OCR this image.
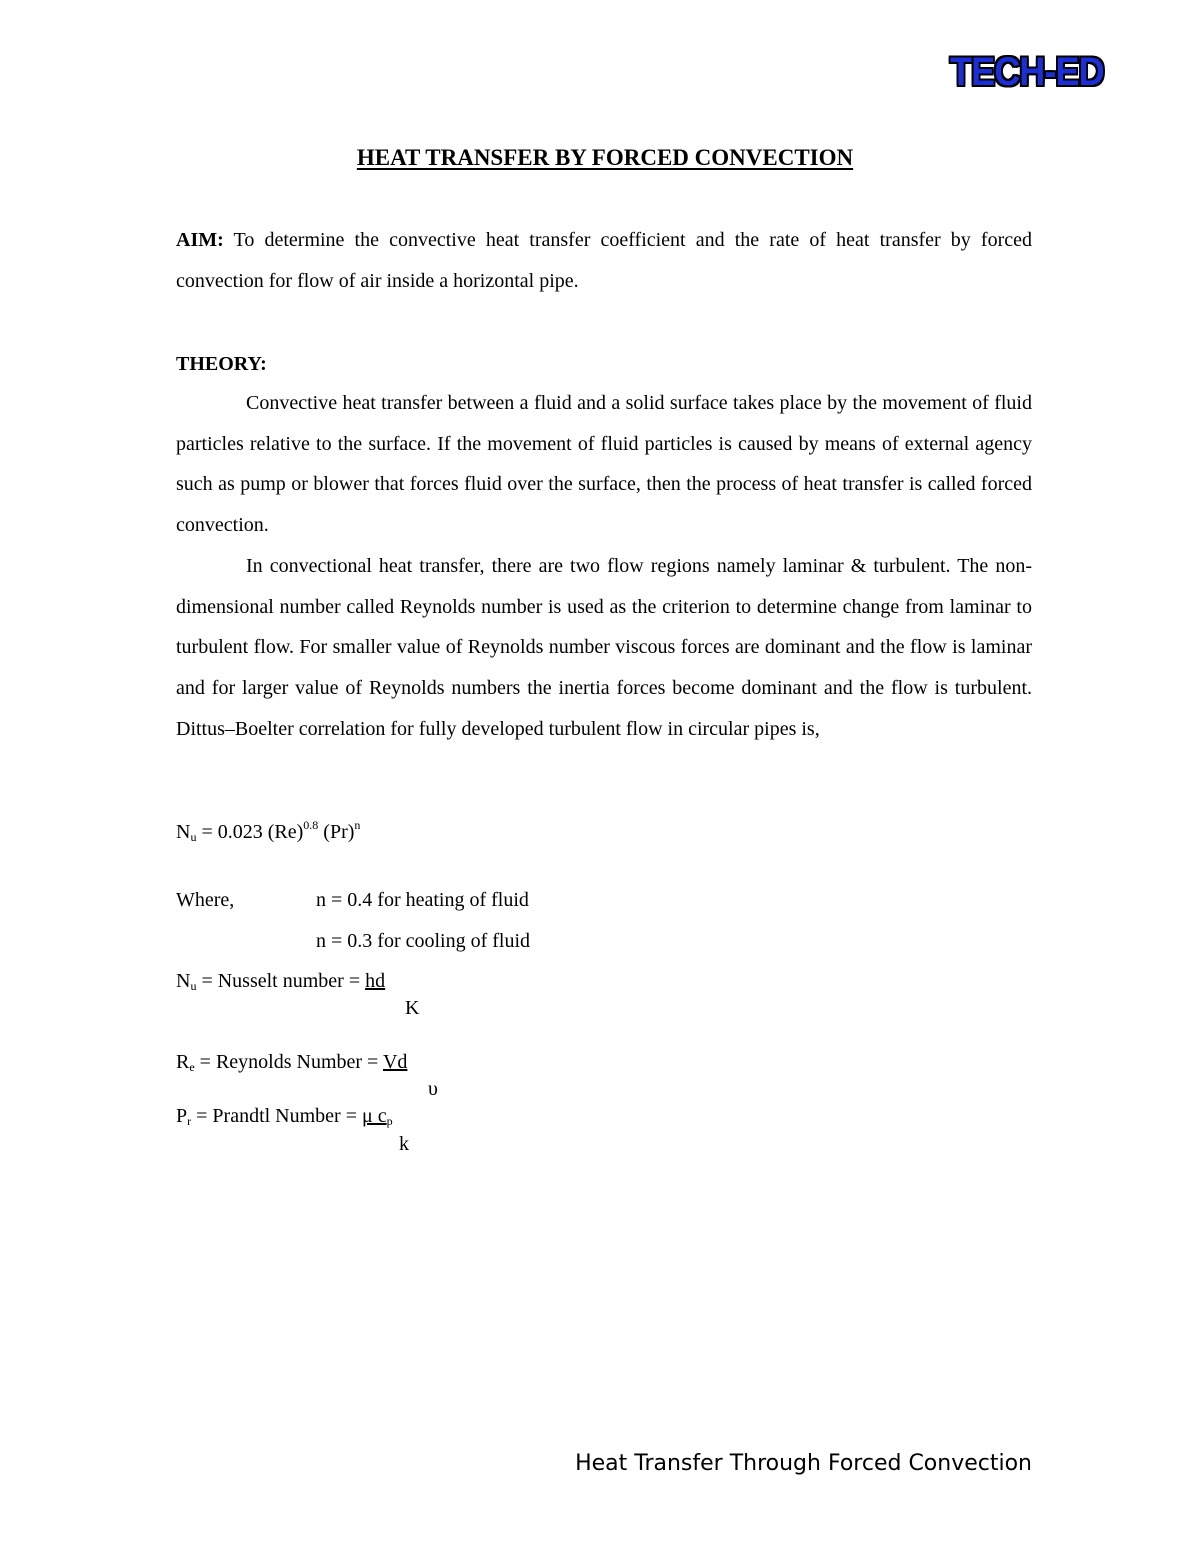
TECH-ED
HEAT TRANSFER BY FORCED CONVECTION

AIM: To determine the convective heat transfer coefficient and the rate of heat transfer by forced convection for flow of air inside a horizontal pipe.

THEORY:

Convective heat transfer between a fluid and a solid surface takes place by the movement of fluid particles relative to the surface. If the movement of fluid particles is caused by means of external agency such as pump or blower that forces fluid over the surface, then the process of heat transfer is called forced convection.

In convectional heat transfer, there are two flow regions namely laminar & turbulent. The non-dimensional number called Reynolds number is used as the criterion to determine change from laminar to turbulent flow. For smaller value of Reynolds number viscous forces are dominant and the flow is laminar and for larger value of Reynolds numbers the inertia forces become dominant and the flow is turbulent. Dittus–Boelter correlation for fully developed turbulent flow in circular pipes is,

$N_u = 0.023$ $(Re)^{0.8}$ $(Pr)^n$
Where,	n = 0.4 for heating of fluid
n = 0.3 for cooling of fluid
$N_u$ = Nusselt number = hd
K
$R_e$ = Reynolds Number = Vd
υ
$P_r$ = Prandtl Number = μ $c_p$
k
Heat Transfer Through Forced Convection
